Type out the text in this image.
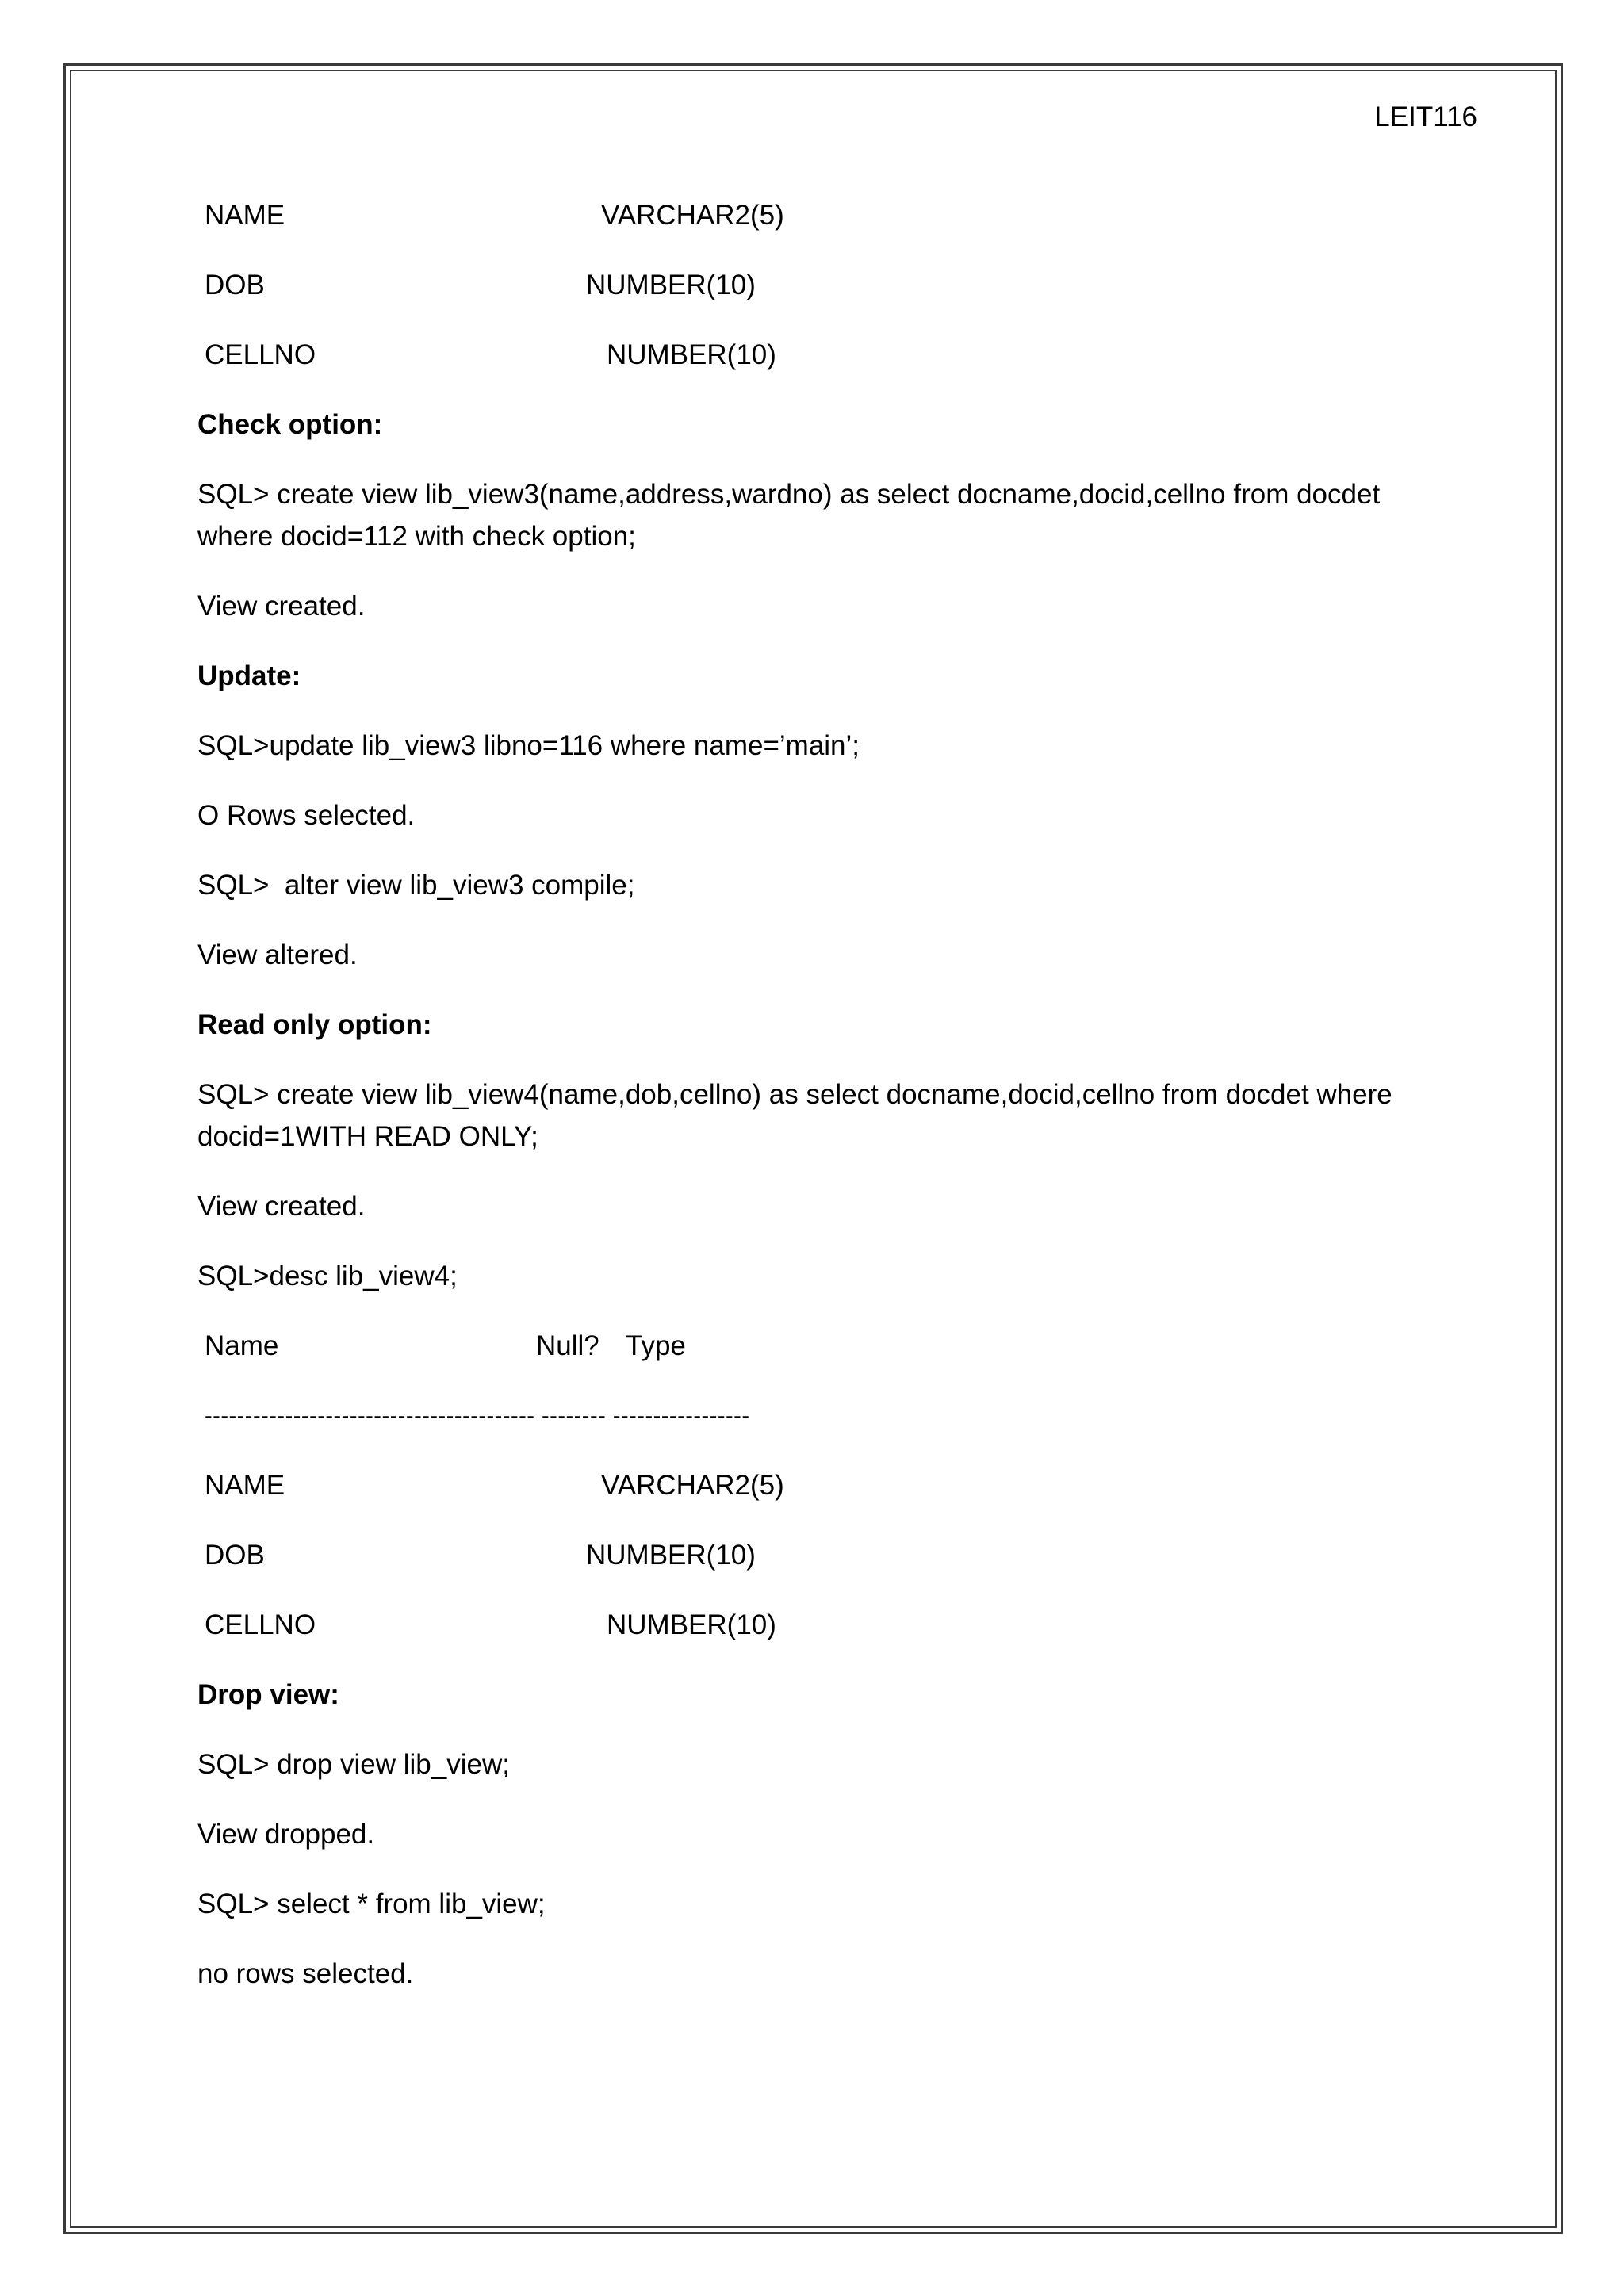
LEIT116
NAME	VARCHAR2(5)
DOB	NUMBER(10)
CELLNO	NUMBER(10)
Check option:
SQL> create view lib_view3(name,address,wardno) as select docname,docid,cellno from docdet
where docid=112 with check option;
View created.
Update:
SQL>update lib_view3 libno=116 where name=’main’;
O Rows selected.
SQL>  alter view lib_view3 compile;
View altered.
Read only option:
SQL> create view lib_view4(name,dob,cellno) as select docname,docid,cellno from docdet where
docid=1WITH READ ONLY;
View created.
SQL>desc lib_view4;
Name	Null? Type
----------------------------------------- -------- -----------------
NAME	VARCHAR2(5)
DOB	NUMBER(10)
CELLNO	NUMBER(10)
Drop view:
SQL> drop view lib_view;
View dropped.
SQL> select * from lib_view;
no rows selected.
